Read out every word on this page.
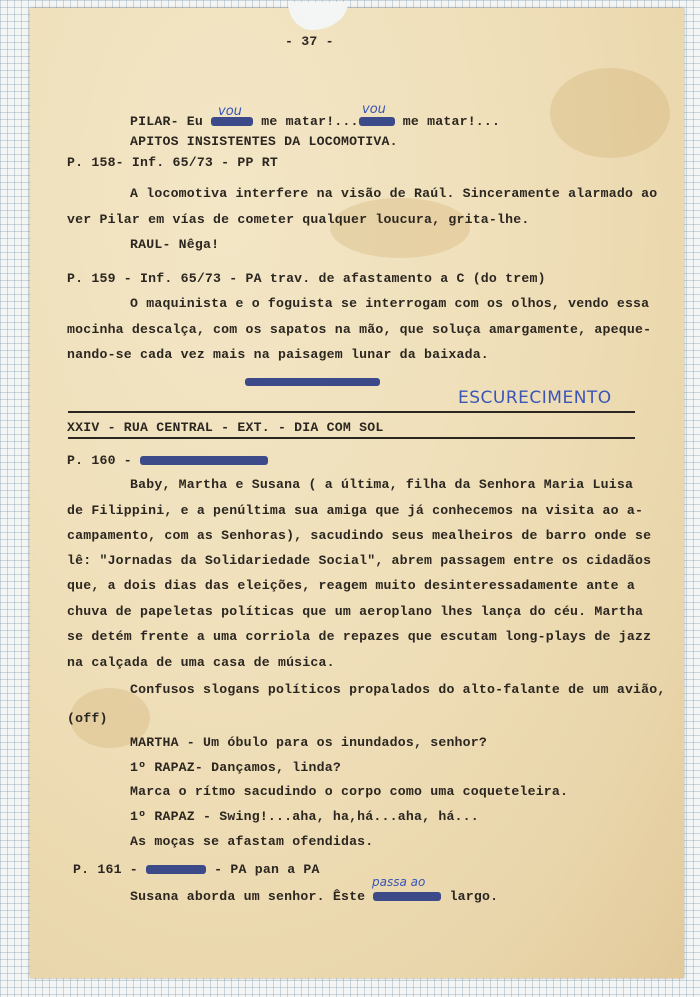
- 37 -
PILAR- Eu	me matar!...	me matar!...
vou	vou
APITOS INSISTENTES DA LOCOMOTIVA.
P. 158- Inf. 65/73 - PP RT
A locomotiva interfere na visão de Raúl. Sinceramente alarmado ao
ver Pilar em vías de cometer qualquer loucura, grita-lhe.
RAUL- Nêga!
P. 159 - Inf. 65/73 - PA trav. de afastamento a C (do trem)
O maquinista e o foguista se interrogam com os olhos, vendo essa
mocinha descalça, com os sapatos na mão, que soluça amargamente, apeque-
nando-se cada vez mais na paisagem lunar da baixada.
ESCURECIMENTO
XXIV - RUA CENTRAL - EXT. - DIA COM SOL
P. 160 -
Baby, Martha e Susana ( a última, filha da Senhora Maria Luisa
de Filippini, e a penúltima sua amiga que já conhecemos na visita ao a-
campamento, com as Senhoras), sacudindo seus mealheiros de barro onde se
lê: "Jornadas da Solidariedade Social", abrem passagem entre os cidadãos
que, a dois dias das eleições, reagem muito desinteressadamente ante a
chuva de papeletas políticas que um aeroplano lhes lança do céu. Martha
se detém frente a uma corriola de repazes que escutam long-plays de jazz
na calçada de uma casa de música.
Confusos slogans políticos propalados do alto-falante de um avião,
(off)
MARTHA - Um óbulo para os inundados, senhor?
1º RAPAZ- Dançamos, linda?
Marca o rítmo sacudindo o corpo como uma coqueteleira.
1º RAPAZ - Swing!...aha, ha,há...aha, há...
As moças se afastam ofendidas.
P. 161 -	- PA pan a PA
Susana aborda um senhor. Êste	largo.
passa ao
